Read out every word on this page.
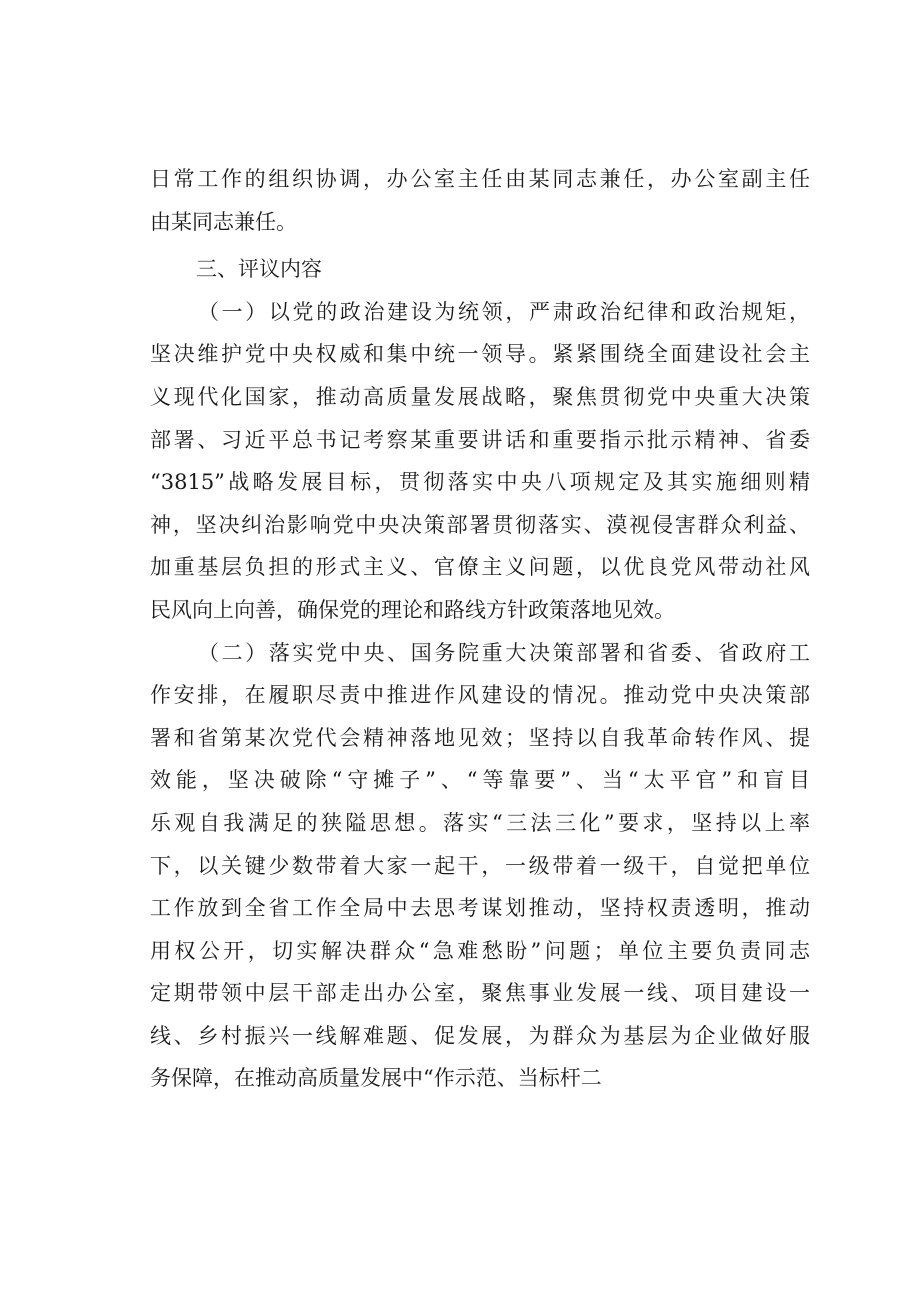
日常工作的组织协调，办公室主任由某同志兼任，办公室副主任
由某同志兼任。
三、评议内容
（一）以党的政治建设为统领，严肃政治纪律和政治规矩，
坚决维护党中央权威和集中统一领导。紧紧围绕全面建设社会主
义现代化国家，推动高质量发展战略，聚焦贯彻党中央重大决策
部署、习近平总书记考察某重要讲话和重要指示批示精神、省委
“3815”战略发展目标，贯彻落实中央八项规定及其实施细则精
神，坚决纠治影响党中央决策部署贯彻落实、漠视侵害群众利益、
加重基层负担的形式主义、官僚主义问题，以优良党风带动社风
民风向上向善，确保党的理论和路线方针政策落地见效。
（二）落实党中央、国务院重大决策部署和省委、省政府工
作安排，在履职尽责中推进作风建设的情况。推动党中央决策部
署和省第某次党代会精神落地见效；坚持以自我革命转作风、提
效能，坚决破除“守摊子”、“等靠要”、当“太平官”和盲目
乐观自我满足的狭隘思想。落实“三法三化”要求，坚持以上率
下，以关键少数带着大家一起干，一级带着一级干，自觉把单位
工作放到全省工作全局中去思考谋划推动，坚持权责透明，推动
用权公开，切实解决群众“急难愁盼”问题；单位主要负责同志
定期带领中层干部走出办公室，聚焦事业发展一线、项目建设一
线、乡村振兴一线解难题、促发展，为群众为基层为企业做好服
务保障，在推动高质量发展中“作示范、当标杆二
